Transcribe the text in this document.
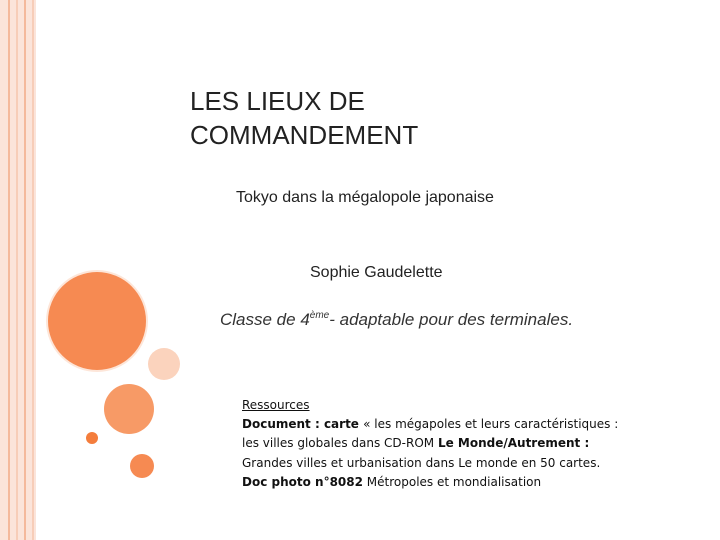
LES LIEUX DE
COMMANDEMENT
Tokyo dans la mégalopole japonaise
Sophie Gaudelette
Classe de 4ème- adaptable pour des terminales.
Ressources
Document : carte « les mégapoles et leurs caractéristiques :
les villes globales dans CD-ROM Le Monde/Autrement :
Grandes villes et urbanisation dans Le monde en 50 cartes.
Doc photo n°8082 Métropoles et mondialisation
